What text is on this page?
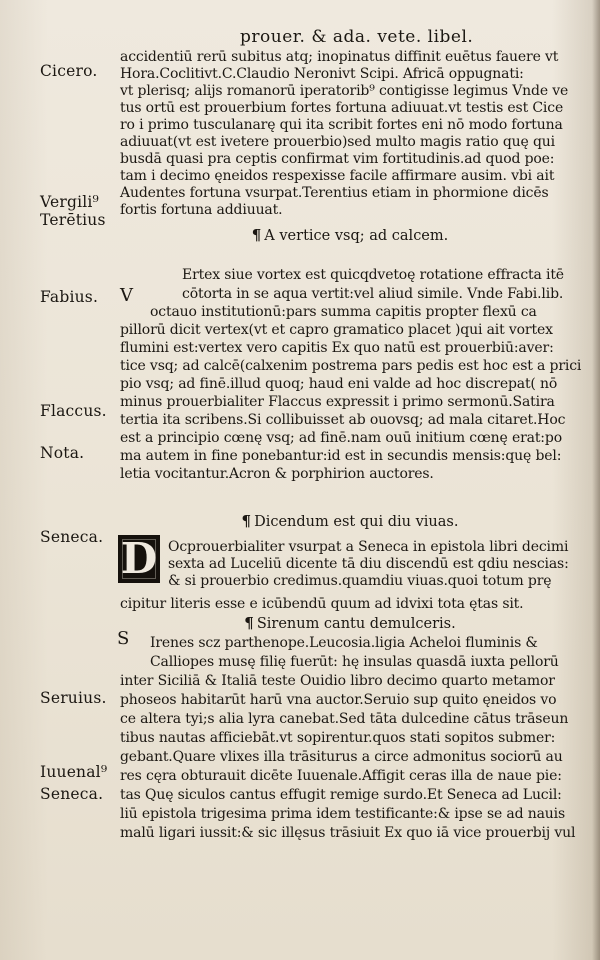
prouer. & ada. vete. libel.
Cicero.
Vergili⁹
Terētius
Fabius.
Flaccus.
Nota.
Seneca.
Seruius.
Iuuenal⁹
Seneca.
accidentiū rerū subitus atq; inopinatus diffinit euētus fauere vt
Hora.Coclitivt.C.Claudio Neronivt Scipi. Africā oppugnati:
vt plerisq; alijs romanorū iperatorib⁹ contigisse legimus Vnde ve
tus ortū est prouerbium fortes fortuna adiuuat.vt testis est Cice
ro i primo tusculanarę qui ita scribit fortes eni nō modo fortuna
adiuuat(vt est ivetere prouerbio)sed multo magis ratio quę qui
busdā quasi pra ceptis confirmat vim fortitudinis.ad quod poe:
tam i decimo ęneidos respexisse facile affirmare ausim. vbi ait
Audentes fortuna vsurpat.Terentius etiam in phormione dicēs
fortis fortuna addiuuat.
¶ A vertice vsq; ad calcem.
V
Ertex siue vortex est quicqdvetoę rotatione effracta itē
cōtorta in se aqua vertit:vel aliud simile. Vnde Fabi.lib.
octauo institutionū:pars summa capitis propter flexū ca
pillorū dicit vertex(vt et capro gramatico placet )qui ait vortex
flumini est:vertex vero capitis Ex quo natū est prouerbiū:aver:
tice vsq; ad calcē(calxenim postrema pars pedis est hoc est a prici
pio vsq; ad finē.illud quoq; haud eni valde ad hoc discrepat( nō
minus prouerbialiter Flaccus expressit i primo sermonū.Satira
tertia ita scribens.Si collibuisset ab ouovsq; ad mala citaret.Hoc
est a principio cœnę vsq; ad finē.nam ouū initium cœnę erat:po
ma autem in fine ponebantur:id est in secundis mensis:quę bel:
letia vocitantur.Acron & porphirion auctores.
¶ Dicendum est qui diu viuas.
D Ocprouerbialiter vsurpat a Seneca in epistola libri decimi
sexta ad Luceliū dicente tā diu discendū est qdiu nescias:
& si prouerbio credimus.quamdiu viuas.quoi totum prę
cipitur literis esse e icūbendū quum ad idvixi tota ętas sit.
¶ Sirenum cantu demulceris.
S Irenes scz parthenope.Leucosia.ligia Acheloi fluminis &
Calliopes musę filię fuerūt: hę insulas quasdā iuxta pellorū
inter Siciliā & Italiā teste Ouidio libro decimo quarto metamor
phoseos habitarūt harū vna auctor.Seruio sup quito ęneidos vo
ce altera tyi;s alia lyra canebat.Sed tāta dulcedine cātus trāseun
tibus nautas afficiebāt.vt sopirentur.quos stati sopitos submer:
gebant.Quare vlixes illa trāsiturus a circe admonitus sociorū au
res cęra obturauit dicēte Iuuenale.Affigit ceras illa de naue pie:
tas Quę siculos cantus effugit remige surdo.Et Seneca ad Lucil:
liū epistola trigesima prima idem testificante:& ipse se ad nauis
malū ligari iussit:& sic illęsus trāsiuit Ex quo iā vice prouerbij vul
